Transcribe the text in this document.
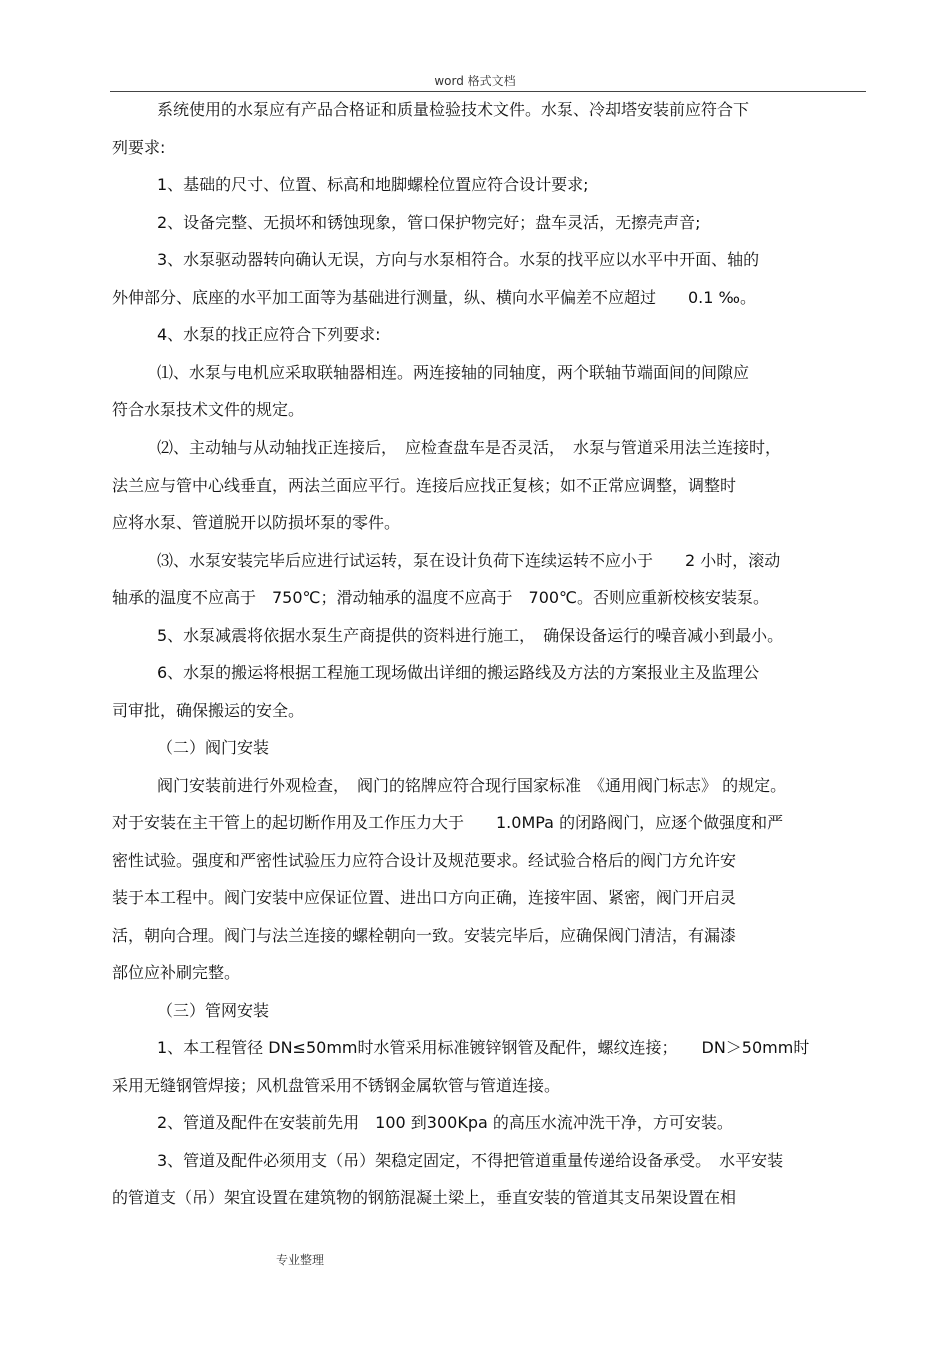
word 格式文档
系统使用的水泵应有产品合格证和质量检验技术文件。水泵、冷却塔安装前应符合下
列要求:
1、基础的尺寸、位置、标高和地脚螺栓位置应符合设计要求;
2、设备完整、无损坏和锈蚀现象，管口保护物完好；盘车灵活，无擦壳声音;
3、水泵驱动器转向确认无误，方向与水泵相符合。水泵的找平应以水平中开面、轴的
外伸部分、底座的水平加工面等为基础进行测量，纵、横向水平偏差不应超过　　0.1 ‰。
4、水泵的找正应符合下列要求:
⑴、水泵与电机应采取联轴器相连。两连接轴的同轴度，两个联轴节端面间的间隙应
符合水泵技术文件的规定。
⑵、主动轴与从动轴找正连接后，　应检查盘车是否灵活，　水泵与管道采用法兰连接时，
法兰应与管中心线垂直，两法兰面应平行。连接后应找正复核；如不正常应调整，调整时
应将水泵、管道脱开以防损坏泵的零件。
⑶、水泵安装完毕后应进行试运转，泵在设计负荷下连续运转不应小于　　2 小时，滚动
轴承的温度不应高于　750℃；滑动轴承的温度不应高于　700℃。否则应重新校核安装泵。
5、水泵减震将依据水泵生产商提供的资料进行施工，　确保设备运行的噪音减小到最小。
6、水泵的搬运将根据工程施工现场做出详细的搬运路线及方法的方案报业主及监理公
司审批，确保搬运的安全。
（二）阀门安装
阀门安装前进行外观检查，　阀门的铭牌应符合现行国家标准　《通用阀门标志》 的规定。
对于安装在主干管上的起切断作用及工作压力大于　　1.0MPa 的闭路阀门，应逐个做强度和严
密性试验。强度和严密性试验压力应符合设计及规范要求。经试验合格后的阀门方允许安
装于本工程中。阀门安装中应保证位置、进出口方向正确，连接牢固、紧密，阀门开启灵
活，朝向合理。阀门与法兰连接的螺栓朝向一致。安装完毕后，应确保阀门清洁，有漏漆
部位应补刷完整。
（三）管网安装
1、本工程管径 DN≤50mm时水管采用标准镀锌钢管及配件，螺纹连接；　　DN＞50mm时
采用无缝钢管焊接；风机盘管采用不锈钢金属软管与管道连接。
2、管道及配件在安装前先用　100 到300Kpa 的高压水流冲洗干净，方可安装。
3、管道及配件必须用支（吊）架稳定固定，不得把管道重量传递给设备承受。　水平安装
的管道支（吊）架宜设置在建筑物的钢筋混凝土梁上，垂直安装的管道其支吊架设置在相
专业整理
